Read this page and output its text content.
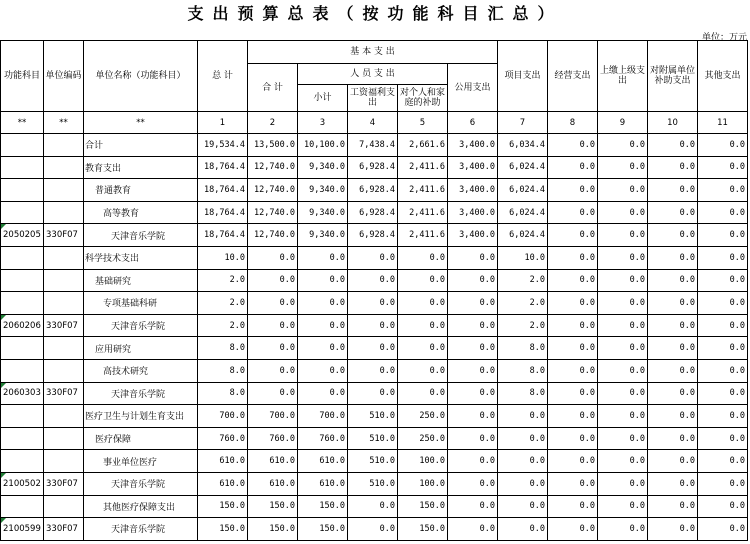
支出预算总表（按功能科目汇总）
单位：万元
功能科目	单位编码	单位名称（功能科目）	总 计	基 本 支 出					项目支出	经营支出	上缴上级支出	对附属单位补助支出	其他支出
				合 计	人 员 支 出			公用支出					
					小计	工资福利支出	对个人和家庭的补助						
**	**	**	1	2	3	4	5	6	7	8	9	10	11
		合计	19,534.4	13,500.0	10,100.0	7,438.4	2,661.6	3,400.0	6,034.4	0.0	0.0	0.0	0.0
		教育支出	18,764.4	12,740.0	9,340.0	6,928.4	2,411.6	3,400.0	6,024.4	0.0	0.0	0.0	0.0
		普通教育	18,764.4	12,740.0	9,340.0	6,928.4	2,411.6	3,400.0	6,024.4	0.0	0.0	0.0	0.0
		高等教育	18,764.4	12,740.0	9,340.0	6,928.4	2,411.6	3,400.0	6,024.4	0.0	0.0	0.0	0.0
2050205	330F07	天津音乐学院	18,764.4	12,740.0	9,340.0	6,928.4	2,411.6	3,400.0	6,024.4	0.0	0.0	0.0	0.0
		科学技术支出	10.0	0.0	0.0	0.0	0.0	0.0	10.0	0.0	0.0	0.0	0.0
		基础研究	2.0	0.0	0.0	0.0	0.0	0.0	2.0	0.0	0.0	0.0	0.0
		专项基础科研	2.0	0.0	0.0	0.0	0.0	0.0	2.0	0.0	0.0	0.0	0.0
2060206	330F07	天津音乐学院	2.0	0.0	0.0	0.0	0.0	0.0	2.0	0.0	0.0	0.0	0.0
		应用研究	8.0	0.0	0.0	0.0	0.0	0.0	8.0	0.0	0.0	0.0	0.0
		高技术研究	8.0	0.0	0.0	0.0	0.0	0.0	8.0	0.0	0.0	0.0	0.0
2060303	330F07	天津音乐学院	8.0	0.0	0.0	0.0	0.0	0.0	8.0	0.0	0.0	0.0	0.0
		医疗卫生与计划生育支出	700.0	700.0	700.0	510.0	250.0	0.0	0.0	0.0	0.0	0.0	0.0
		医疗保障	760.0	760.0	760.0	510.0	250.0	0.0	0.0	0.0	0.0	0.0	0.0
		事业单位医疗	610.0	610.0	610.0	510.0	100.0	0.0	0.0	0.0	0.0	0.0	0.0
2100502	330F07	天津音乐学院	610.0	610.0	610.0	510.0	100.0	0.0	0.0	0.0	0.0	0.0	0.0
		其他医疗保障支出	150.0	150.0	150.0	0.0	150.0	0.0	0.0	0.0	0.0	0.0	0.0
2100599	330F07	天津音乐学院	150.0	150.0	150.0	0.0	150.0	0.0	0.0	0.0	0.0	0.0	0.0
